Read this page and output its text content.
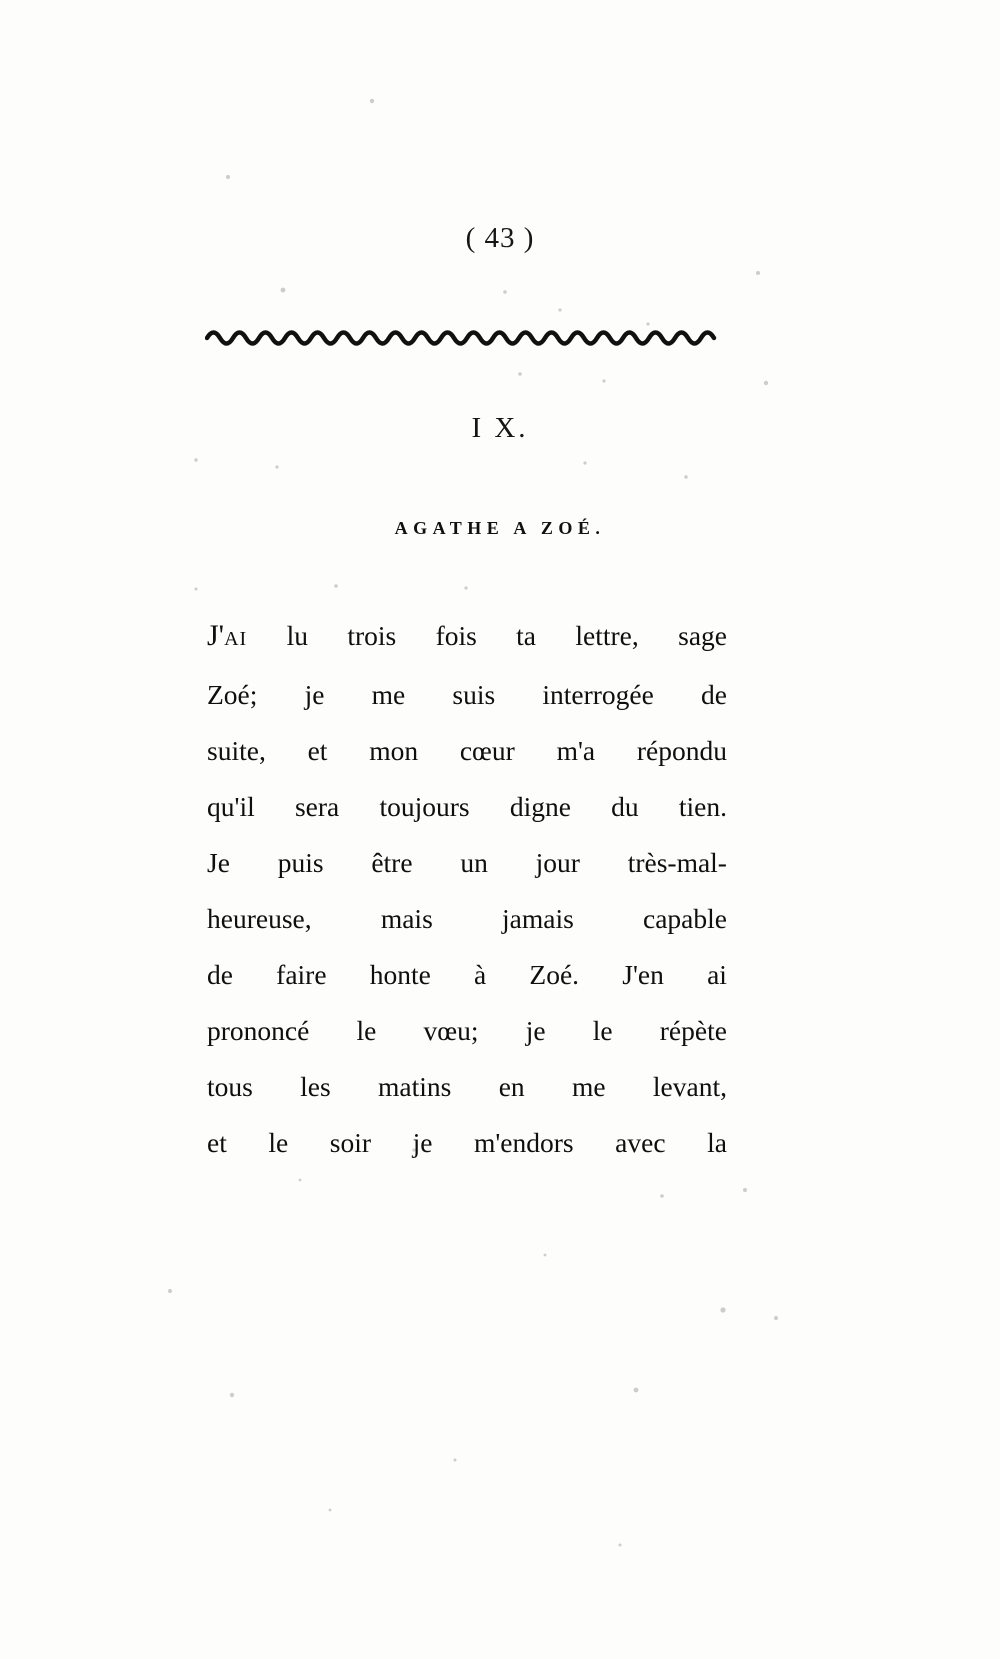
( 43 )
I X.
AGATHE A ZOÉ.

J'AI lu trois fois ta lettre, sage
Zoé; je me suis interrogée de
suite, et mon cœur m'a répondu
qu'il sera toujours digne du tien.
Je puis être un jour très-mal-
heureuse,	mais	jamais	capable
de faire honte à Zoé. J'en ai
prononcé le vœu; je le répète
tous les matins en me levant,
et le soir je m'endors avec la
